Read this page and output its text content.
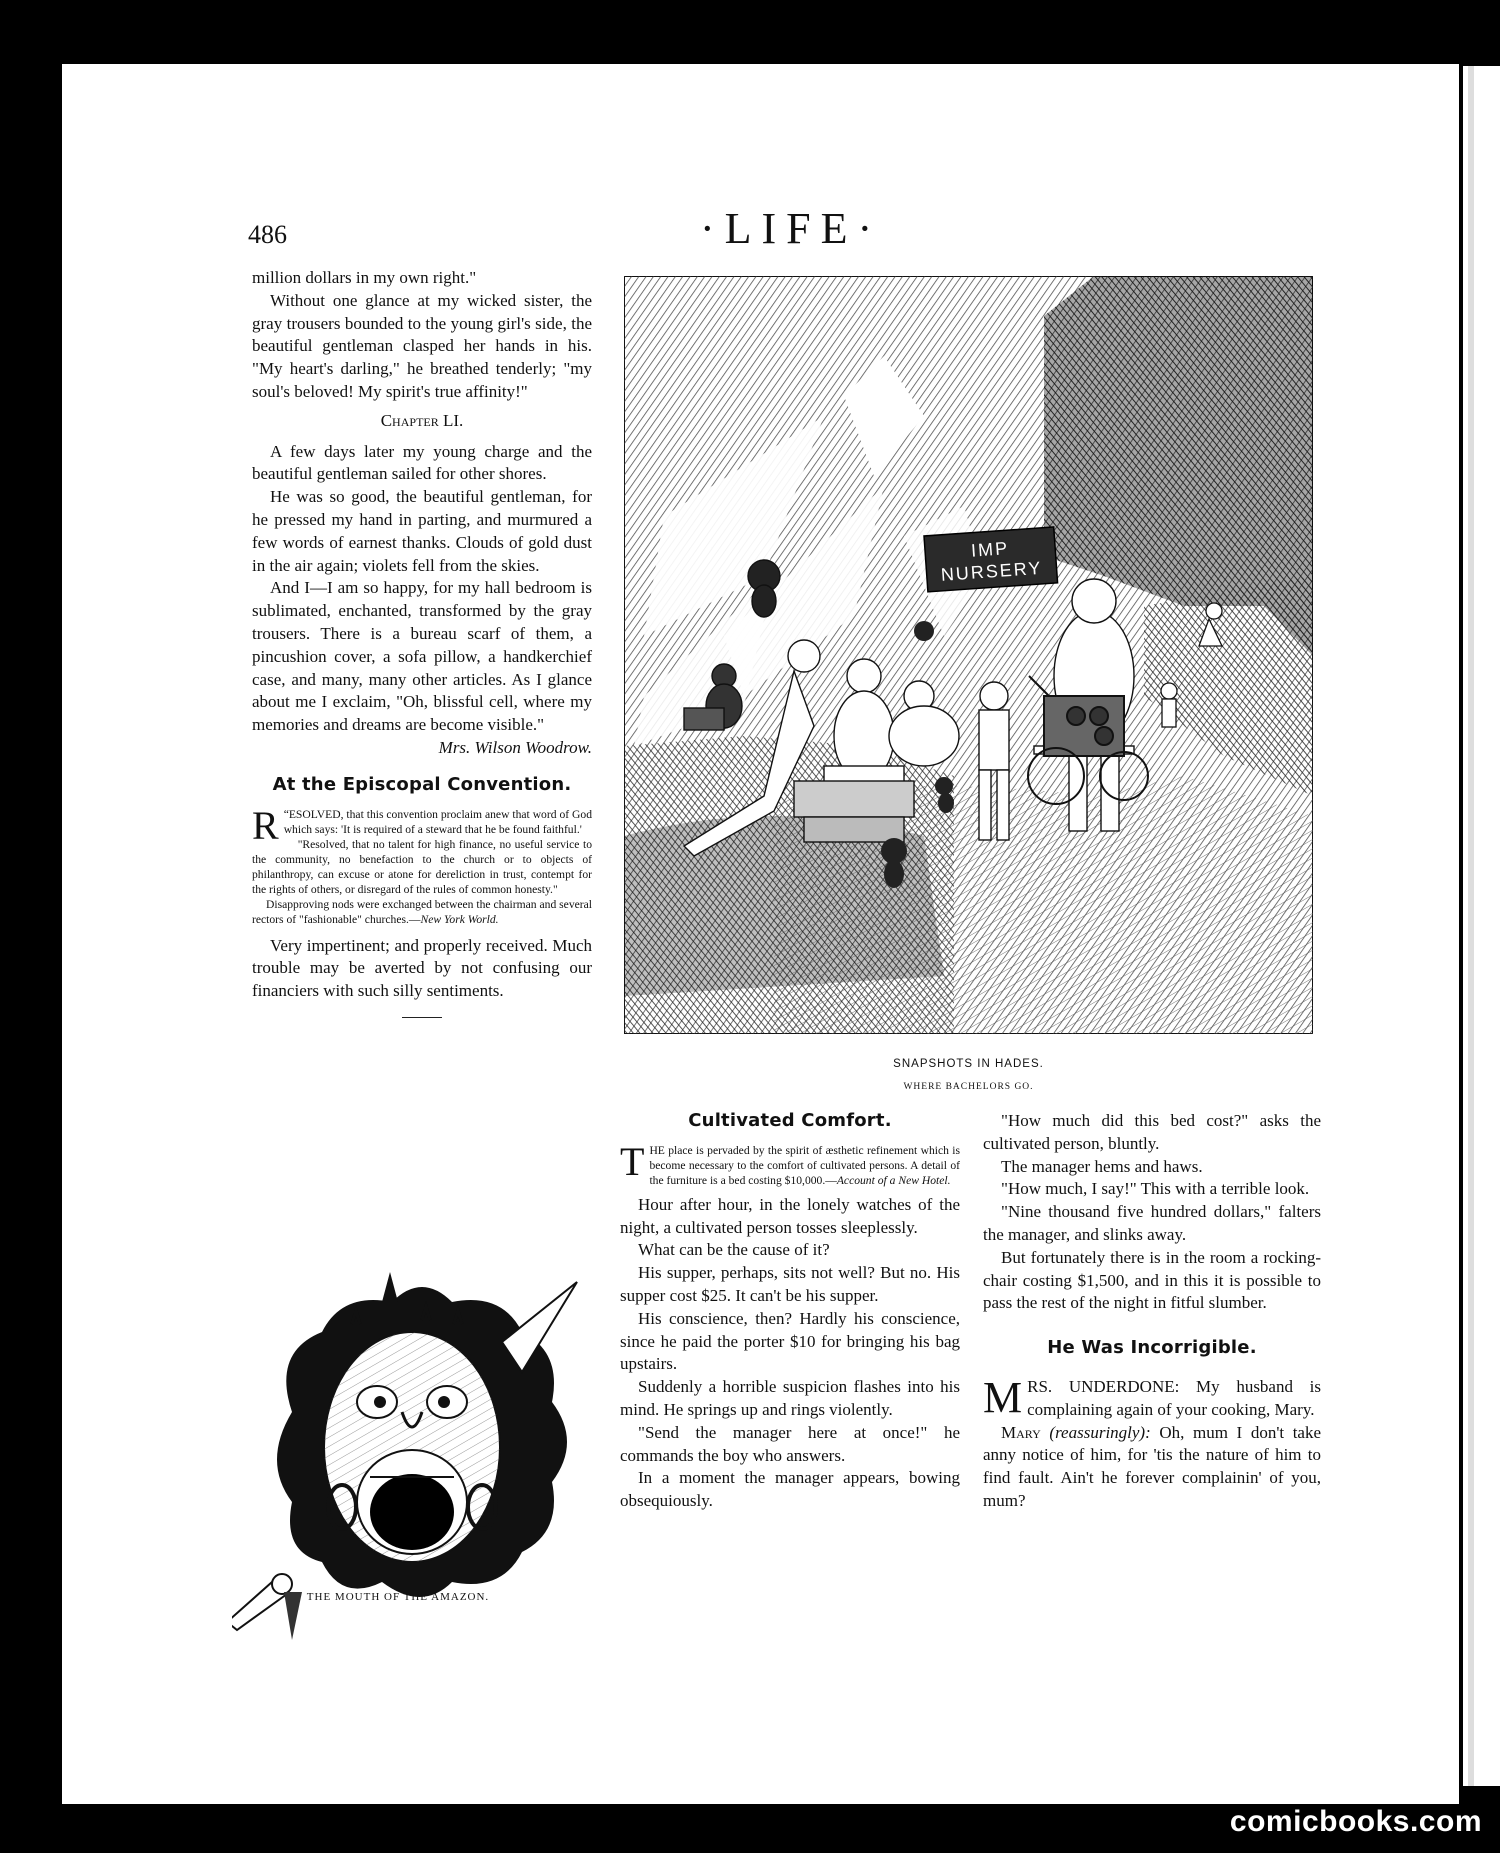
486	·LIFE·

million dollars in my own right."

Without one glance at my wicked sister, the gray trousers bounded to the young girl's side, the beautiful gentleman clasped her hands in his. "My heart's darling," he breathed tenderly; "my soul's beloved! My spirit's true affinity!"

Chapter LI.

A few days later my young charge and the beautiful gentleman sailed for other shores.

He was so good, the beautiful gentleman, for he pressed my hand in parting, and murmured a few words of earnest thanks. Clouds of gold dust in the air again; violets fell from the skies.

And I—I am so happy, for my hall bedroom is sublimated, enchanted, transformed by the gray trousers. There is a bureau scarf of them, a pincushion cover, a sofa pillow, a handkerchief case, and many, many other articles. As I glance about me I exclaim, "Oh, blissful cell, where my memories and dreams are become visible."
Mrs. Wilson Woodrow.

At the Episcopal Convention.

“
R ESOLVED, that this convention proclaim anew that word of God which says: 'It is required of a steward that he be found faithful.'

"Resolved, that no talent for high finance, no useful service to the community, no benefaction to the church or to objects of philanthropy, can excuse or atone for dereliction in trust, contempt for the rights of others, or disregard of the rules of common honesty."

Disapproving nods were exchanged between the chairman and several rectors of "fashionable" churches.—New York World.

Very impertinent; and properly received. Much trouble may be averted by not confusing our financiers with such silly sentiments.

IMP
NURSERY
SNAPSHOTS IN HADES.
WHERE BACHELORS GO.
THE MOUTH OF THE AMAZON.
Cultivated Comfort.

THE place is pervaded by the spirit of æsthetic refinement which is become necessary to the comfort of cultivated persons. A detail of the furniture is a bed costing $10,000.—Account of a New Hotel.

Hour after hour, in the lonely watches of the night, a cultivated person tosses sleeplessly.

What can be the cause of it?

His supper, perhaps, sits not well? But no. His supper cost $25. It can't be his supper.

His conscience, then? Hardly his conscience, since he paid the porter $10 for bringing his bag upstairs.

Suddenly a horrible suspicion flashes into his mind. He springs up and rings violently.

"Send the manager here at once!" he commands the boy who answers.

In a moment the manager appears, bowing obsequiously.

"How much did this bed cost?" asks the cultivated person, bluntly.

The manager hems and haws.

"How much, I say!" This with a terrible look.

"Nine thousand five hundred dollars," falters the manager, and slinks away.

But fortunately there is in the room a rocking-chair costing $1,500, and in this it is possible to pass the rest of the night in fitful slumber.

He Was Incorrigible.

MRS. UNDERDONE: My husband is complaining again of your cooking, Mary.

Mary (reassuringly): Oh, mum I don't take anny notice of him, for 'tis the nature of him to find fault. Ain't he forever complainin' of you, mum?

comicbooks.com
